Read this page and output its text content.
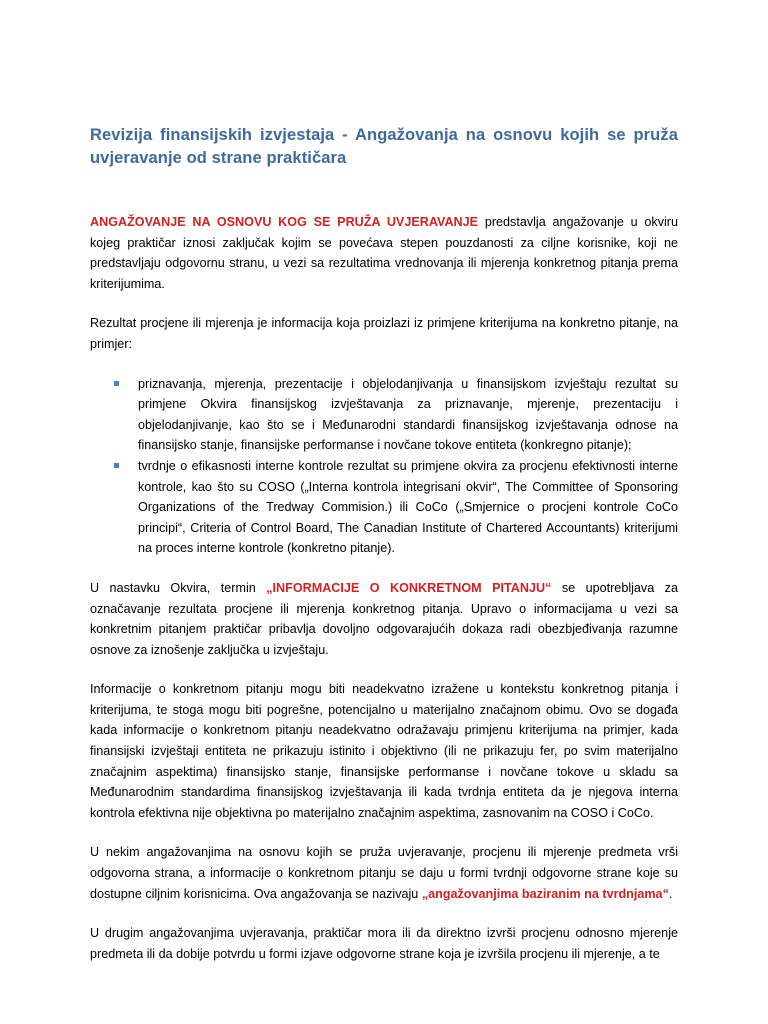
Revizija finansijskih izvjestaja - Angažovanja na osnovu kojih se pruža uvjeravanje od strane praktičara

ANGAŽOVANJE NA OSNOVU KOG SE PRUŽA UVJERAVANJE predstavlja angažovanje u okviru kojeg praktičar iznosi zaključak kojim se povećava stepen pouzdanosti za ciljne korisnike, koji ne predstavljaju odgovornu stranu, u vezi sa rezultatima vrednovanja ili mjerenja konkretnog pitanja prema kriterijumima.

Rezultat procjene ili mjerenja je informacija koja proizlazi iz primjene kriterijuma na konkretno pitanje, na primjer:

priznavanja, mjerenja, prezentacije i objelodanjivanja u finansijskom izvještaju rezultat su primjene Okvira finansijskog izvještavanja za priznavanje, mjerenje, prezentaciju i objelodanjivanje, kao što se i Međunarodni standardi finansijskog izvještavanja odnose na finansijsko stanje, finansijske performanse i novčane tokove entiteta (konkregno pitanje);
tvrdnje o efikasnosti interne kontrole rezultat su primjene okvira za procjenu efektivnosti interne kontrole, kao što su COSO („Interna kontrola integrisani okvir“, The Committee of Sponsoring Organizations of the Tredway Commision.) ili CoCo („Smjernice o procjeni kontrole CoCo principi“, Criteria of Control Board, The Canadian Institute of Chartered Accountants) kriterijumi na proces interne kontrole (konkretno pitanje).

U nastavku Okvira, termin „INFORMACIJE O KONKRETNOM PITANJU“ se upotrebljava za označavanje rezultata procjene ili mjerenja konkretnog pitanja. Upravo o informacijama u vezi sa konkretnim pitanjem praktičar pribavlja dovoljno odgovarajućih dokaza radi obezbjeđivanja razumne osnove za iznošenje zaključka u izvještaju.

Informacije o konkretnom pitanju mogu biti neadekvatno izražene u kontekstu konkretnog pitanja i kriterijuma, te stoga mogu biti pogrešne, potencijalno u materijalno značajnom obimu. Ovo se događa kada informacije o konkretnom pitanju neadekvatno odražavaju primjenu kriterijuma na primjer, kada finansijski izvještaji entiteta ne prikazuju istinito i objektivno (ili ne prikazuju fer, po svim materijalno značajnim aspektima) finansijsko stanje, finansijske performanse i novčane tokove u skladu sa Međunarodnim standardima finansijskog izvještavanja ili kada tvrdnja entiteta da je njegova interna kontrola efektivna nije objektivna po materijalno značajnim aspektima, zasnovanim na COSO i CoCo.

U nekim angažovanjima na osnovu kojih se pruža uvjeravanje, procjenu ili mjerenje predmeta vrši odgovorna strana, a informacije o konkretnom pitanju se daju u formi tvrdnji odgovorne strane koje su dostupne ciljnim korisnicima. Ova angažovanja se nazivaju „angažovanjima baziranim na tvrdnjama“.

U drugim angažovanjima uvjeravanja, praktičar mora ili da direktno izvrši procjenu odnosno mjerenje predmeta ili da dobije potvrdu u formi izjave odgovorne strane koja je izvršila procjenu ili mjerenje, a te
